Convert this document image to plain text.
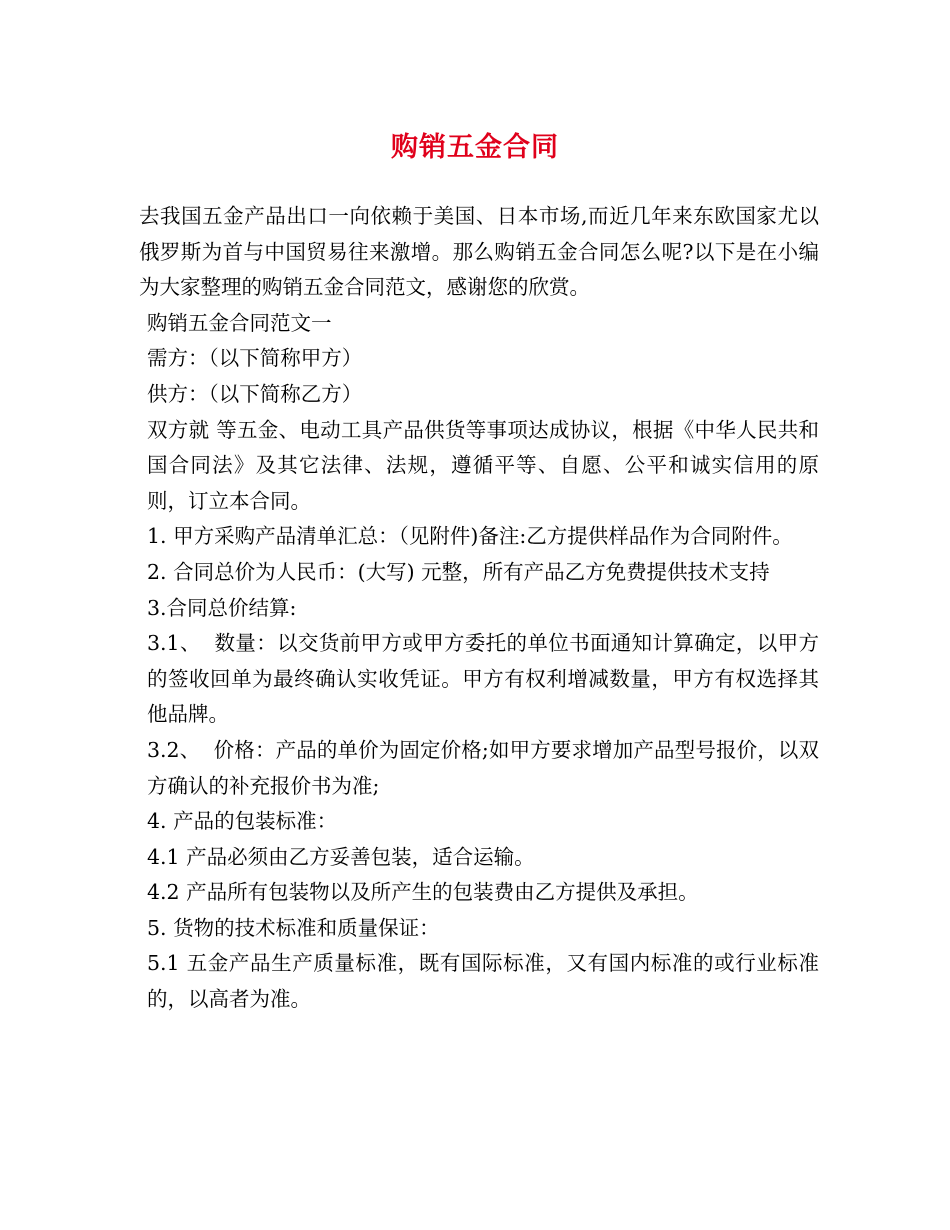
购销五金合同

去我国五金产品出口一向依赖于美国、日本市场,而近几年来东欧国家尤以俄罗斯为首与中国贸易往来激增。那么购销五金合同怎么呢?以下是在小编为大家整理的购销五金合同范文，感谢您的欣赏。

购销五金合同范文一

需方：（以下简称甲方）

供方：（以下简称乙方）

双方就 等五金、电动工具产品供货等事项达成协议，根据《中华人民共和国合同法》及其它法律、法规，遵循平等、自愿、公平和诚实信用的原则，订立本合同。

1. 甲方采购产品清单汇总：（见附件)备注:乙方提供样品作为合同附件。

2. 合同总价为人民币：(大写) 元整，所有产品乙方免费提供技术支持

3.合同总价结算:

3.1、  数量：以交货前甲方或甲方委托的单位书面通知计算确定，以甲方的签收回单为最终确认实收凭证。甲方有权利增减数量，甲方有权选择其他品牌。

3.2、  价格：产品的单价为固定价格;如甲方要求增加产品型号报价，以双方确认的补充报价书为准;

4. 产品的包装标准：

4.1 产品必须由乙方妥善包装，适合运输。

4.2 产品所有包装物以及所产生的包装费由乙方提供及承担。

5. 货物的技术标准和质量保证：

5.1 五金产品生产质量标准，既有国际标准，又有国内标准的或行业标准的，以高者为准。
